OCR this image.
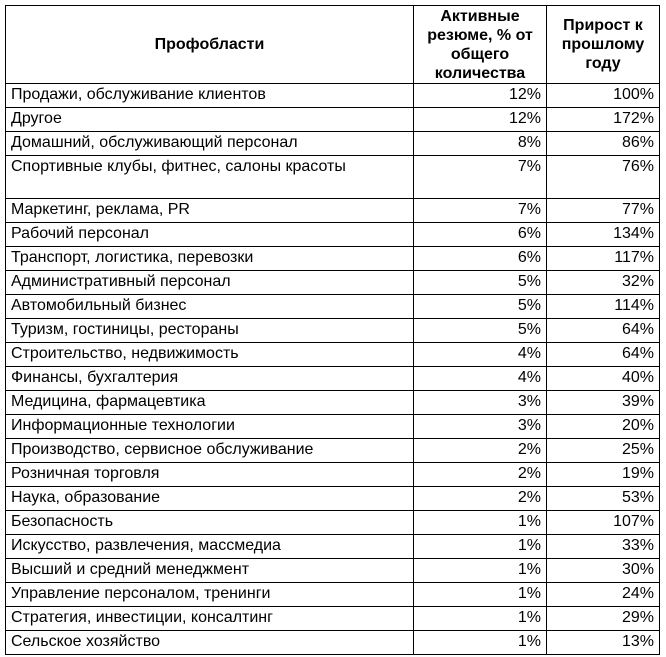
Профобласти	Активные резюме, % от общего количества	Прирост к прошлому году
Продажи, обслуживание клиентов	12%	100%
Другое	12%	172%
Домашний, обслуживающий персонал	8%	86%
Спортивные клубы, фитнес, салоны красоты	7%	76%
Маркетинг, реклама, PR	7%	77%
Рабочий персонал	6%	134%
Транспорт, логистика, перевозки	6%	117%
Административный персонал	5%	32%
Автомобильный бизнес	5%	114%
Туризм, гостиницы, рестораны	5%	64%
Строительство, недвижимость	4%	64%
Финансы, бухгалтерия	4%	40%
Медицина, фармацевтика	3%	39%
Информационные технологии	3%	20%
Производство, сервисное обслуживание	2%	25%
Розничная торговля	2%	19%
Наука, образование	2%	53%
Безопасность	1%	107%
Искусство, развлечения, массмедиа	1%	33%
Высший и средний менеджмент	1%	30%
Управление персоналом, тренинги	1%	24%
Стратегия, инвестиции, консалтинг	1%	29%
Сельское хозяйство	1%	13%
